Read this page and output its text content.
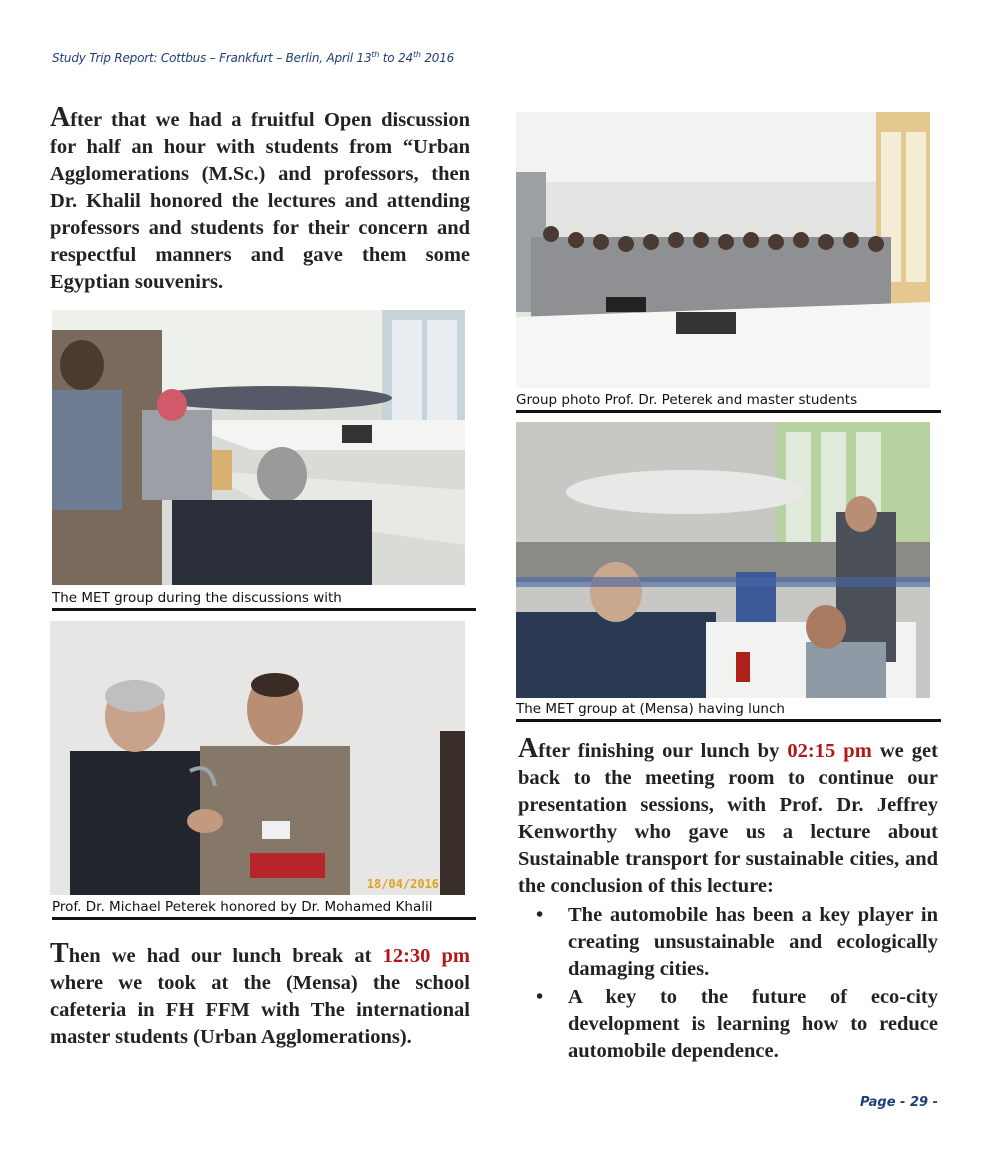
Study Trip Report: Cottbus – Frankfurt – Berlin, April 13th to 24th 2016
After that we had a fruitful Open discussion for half an hour with students from “Urban Agglomerations (M.Sc.) and professors, then Dr. Khalil honored the lectures and attending professors and students for their concern and respectful manners and gave them some Egyptian souvenirs.
The MET group during the discussions with
18/04/2016
Prof. Dr. Michael Peterek honored by Dr. Mohamed Khalil
Then we had our lunch break at 12:30 pm where we took at the (Mensa) the school cafeteria in FH FFM with The international master students (Urban Agglomerations).
Group photo Prof. Dr. Peterek and master students
The MET group at (Mensa) having lunch
After finishing our lunch by 02:15 pm we get back to the meeting room to continue our presentation sessions, with Prof. Dr. Jeffrey Kenworthy who gave us a lecture about Sustainable transport for sustainable cities, and the conclusion of this lecture:
• The automobile has been a key player in creating unsustainable and ecologically damaging cities.
• A key to the future of eco-city development is learning how to reduce automobile dependence.
Page - 29 -
